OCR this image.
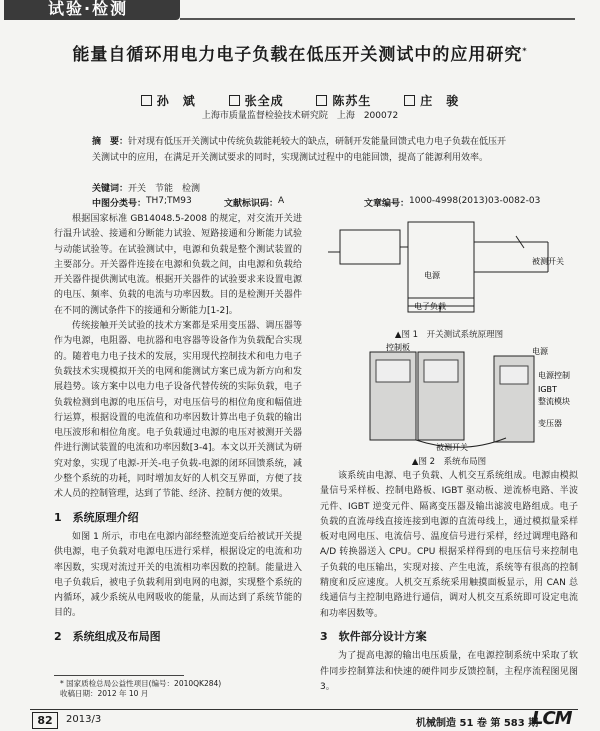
试验·检测
能量自循环用电力电子负载在低压开关测试中的应用研究*
孙　斌	张全成	陈苏生	庄　骏
上海市质量监督检验技术研究院　上海　200072
摘　要：针对现有低压开关测试中传统负载能耗较大的缺点，研制开发能量回馈式电力电子负载在低压开关测试中的应用，在满足开关测试要求的同时，实现测试过程中的电能回馈，提高了能源利用效率。
关键词：开关　节能　检测
中图分类号： TH7;TM93	文献标识码： A	文章编号： 1000-4998(2013)03-0082-03

根据国家标准 GB14048.5-2008 的规定，对交流开关进行温升试验、接通和分断能力试验、短路接通和分断能力试验与动能试验等。在试验测试中，电源和负载是整个测试装置的主要部分。开关器件连接在电源和负载之间，由电源和负载给开关器件提供测试电流。根据开关器件的试验要求来设置电源的电压、频率、负载的电流与功率因数。目的是检测开关器件在不同的测试条件下的接通和分断能力[1-2]。

传统接触开关试验的技术方案都是采用变压器、调压器等作为电源，电阻器、电抗器和电容器等设备作为负载配合实现的。随着电力电子技术的发展，实用现代控制技术和电力电子负载技术实现模拟开关的电网和能测试方案已成为新方向和发展趋势。该方案中以电力电子设备代替传统的实际负载，电子负载检测到电源的电压信号，对电压信号的相位角度和幅值进行运算，根据设置的电流值和功率因数计算出电子负载的输出电压波形和相位角度。电子负载通过电源的电压对被测开关器件进行测试装置的电流和功率因数[3-4]。本文以开关测试为研究对象，实现了电源-开关-电子负载-电源的闭环回馈系统，减少整个系统的功耗，同时增加友好的人机交互界面，方便了技术人员的控制管理，达到了节能、经济、控制方便的效果。

1　系统原理介绍

如图 1 所示，市电在电源内部经整流逆变后给被试开关提供电源，电子负载对电源电压进行采样，根据设定的电流和功率因数，实现对流过开关的电流相功率因数的控制。能量进入电子负载后，被电子负载利用到电网的电源，实现整个系统的内循环，减少系统从电网吸收的能量，从而达到了系统节能的目的。

2　系统组成及布局图
电源
被测开关
电子负载
▲图 1　开关测试系统原理图
控制板	电源
电源控制
IGBT
整流模块
变压器
被测开关
▲图 2　系统布局图

该系统由电源、电子负载、人机交互系统组成。电源由模拟量信号采样板、控制电路板、IGBT 驱动板、逆流桥电路、半波元件、IGBT 逆变元件、隔离变压器及输出滤波电路组成。电子负载的直流母线直接连接到电源的直流母线上，通过模拟量采样板对电网电压、电流信号、温度信号进行采样，经过调理电路和 A/D 转换器送入 CPU。CPU 根据采样得到的电压信号来控制电子负载的电压输出，实现对接、产生电流，系统等有很高的控制精度和反应速度。人机交互系统采用触摸面板显示，用 CAN 总线通信与主控制电路进行通信，调对人机交互系统即可设定电流和功率因数等。

3　软件部分设计方案

为了提高电源的输出电压质量，在电源控制系统中采取了软件同步控制算法和快速的硬件同步反馈控制，主程序流程图见图 3。

* 国家质检总局公益性项目(编号：2010QK284)
收稿日期：2012 年 10 月
82	2013/3	机械制造 51 卷 第 583 期
LCM
